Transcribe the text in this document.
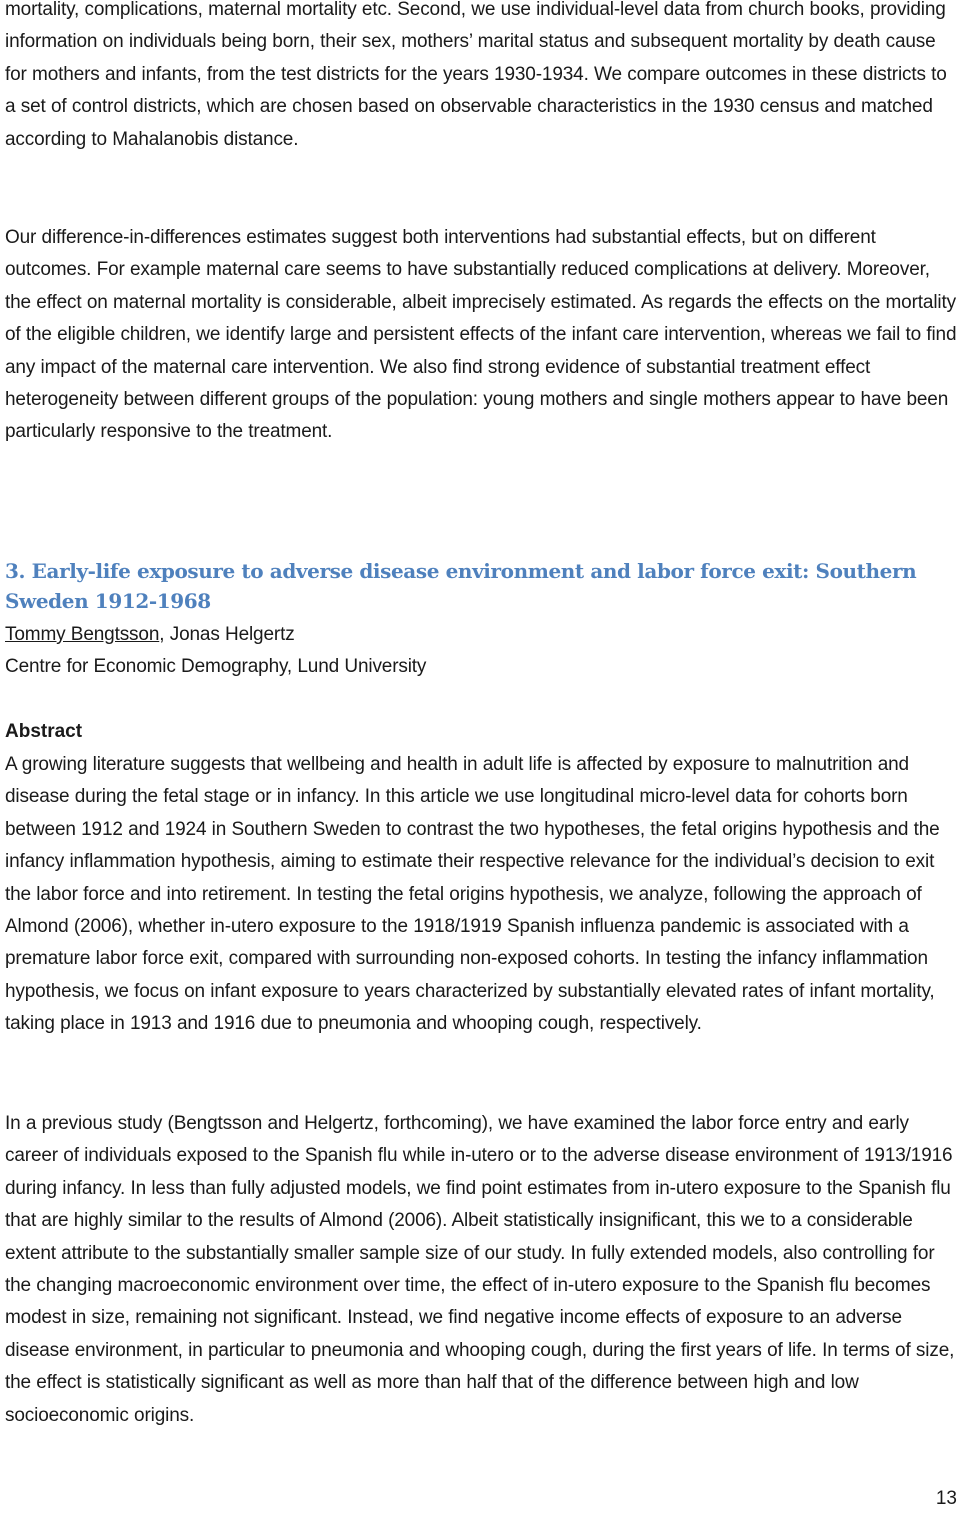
mortality, complications, maternal mortality etc. Second, we use individual‐level data from church books, providing information on individuals being born, their sex, mothers’ marital status and subsequent mortality by death cause for mothers and infants, from the test districts for the years 1930‐1934. We compare outcomes in these districts to a set of control districts, which are chosen based on observable characteristics in the 1930 census and matched according to Mahalanobis distance.

Our difference‐in‐differences estimates suggest both interventions had substantial effects, but on different outcomes. For example maternal care seems to have substantially reduced complications at delivery. Moreover, the effect on maternal mortality is considerable, albeit imprecisely estimated. As regards the effects on the mortality of the eligible children, we identify large and persistent effects of the infant care intervention, whereas we fail to find any impact of the maternal care intervention. We also find strong evidence of substantial treatment effect heterogeneity between different groups of the population: young mothers and single mothers appear to have been particularly responsive to the treatment.

3. Early-life exposure to adverse disease environment and labor force exit: Southern Sweden 1912-1968

Tommy Bengtsson, Jonas Helgertz

Centre for Economic Demography, Lund University

Abstract

A growing literature suggests that wellbeing and health in adult life is affected by exposure to malnutrition and disease during the fetal stage or in infancy. In this article we use longitudinal micro-level data for cohorts born between 1912 and 1924 in Southern Sweden to contrast the two hypotheses, the fetal origins hypothesis and the infancy inflammation hypothesis, aiming to estimate their respective relevance for the individual’s decision to exit the labor force and into retirement. In testing the fetal origins hypothesis, we analyze, following the approach of Almond (2006), whether in-utero exposure to the 1918/1919 Spanish influenza pandemic is associated with a premature labor force exit, compared with surrounding non-exposed cohorts. In testing the infancy inflammation hypothesis, we focus on infant exposure to years characterized by substantially elevated rates of infant mortality, taking place in 1913 and 1916 due to pneumonia and whooping cough, respectively.

In a previous study (Bengtsson and Helgertz, forthcoming), we have examined the labor force entry and early career of individuals exposed to the Spanish flu while in-utero or to the adverse disease environment of 1913/1916 during infancy. In less than fully adjusted models, we find point estimates from in-utero exposure to the Spanish flu that are highly similar to the results of Almond (2006). Albeit statistically insignificant, this we to a considerable extent attribute to the substantially smaller sample size of our study. In fully extended models, also controlling for the changing macroeconomic environment over time, the effect of in-utero exposure to the Spanish flu becomes modest in size, remaining not significant. Instead, we find negative income effects of exposure to an adverse disease environment, in particular to pneumonia and whooping cough, during the first years of life. In terms of size, the effect is statistically significant as well as more than half that of the difference between high and low socioeconomic origins.

13
